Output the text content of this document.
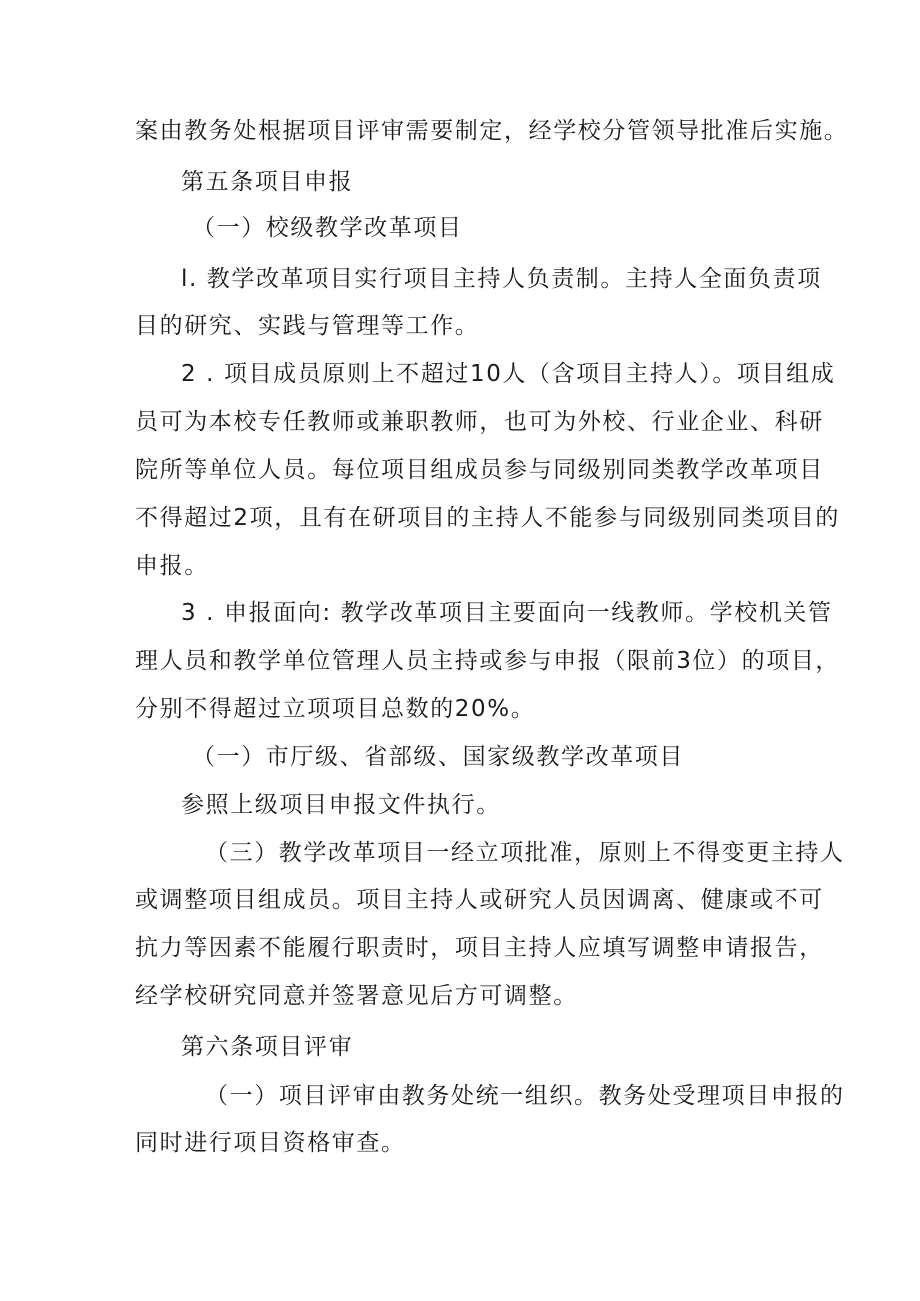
案由教务处根据项目评审需要制定，经学校分管领导批准后实施。
第五条项目申报
（一）校级教学改革项目
l. 教学改革项目实行项目主持人负责制。主持人全面负责项
目的研究、实践与管理等工作。
2 . 项目成员原则上不超过10人（含项目主持人）。项目组成
员可为本校专任教师或兼职教师，也可为外校、行业企业、科研
院所等单位人员。每位项目组成员参与同级别同类教学改革项目
不得超过2项，且有在研项目的主持人不能参与同级别同类项目的
申报。
3 . 申报面向: 教学改革项目主要面向一线教师。学校机关管
理人员和教学单位管理人员主持或参与申报（限前3位）的项目，
分别不得超过立项项目总数的20%。
（一）市厅级、省部级、国家级教学改革项目
参照上级项目申报文件执行。
（三）教学改革项目一经立项批准，原则上不得变更主持人
或调整项目组成员。项目主持人或研究人员因调离、健康或不可
抗力等因素不能履行职责时，项目主持人应填写调整申请报告，
经学校研究同意并签署意见后方可调整。
第六条项目评审
（一）项目评审由教务处统一组织。教务处受理项目申报的
同时进行项目资格审查。
